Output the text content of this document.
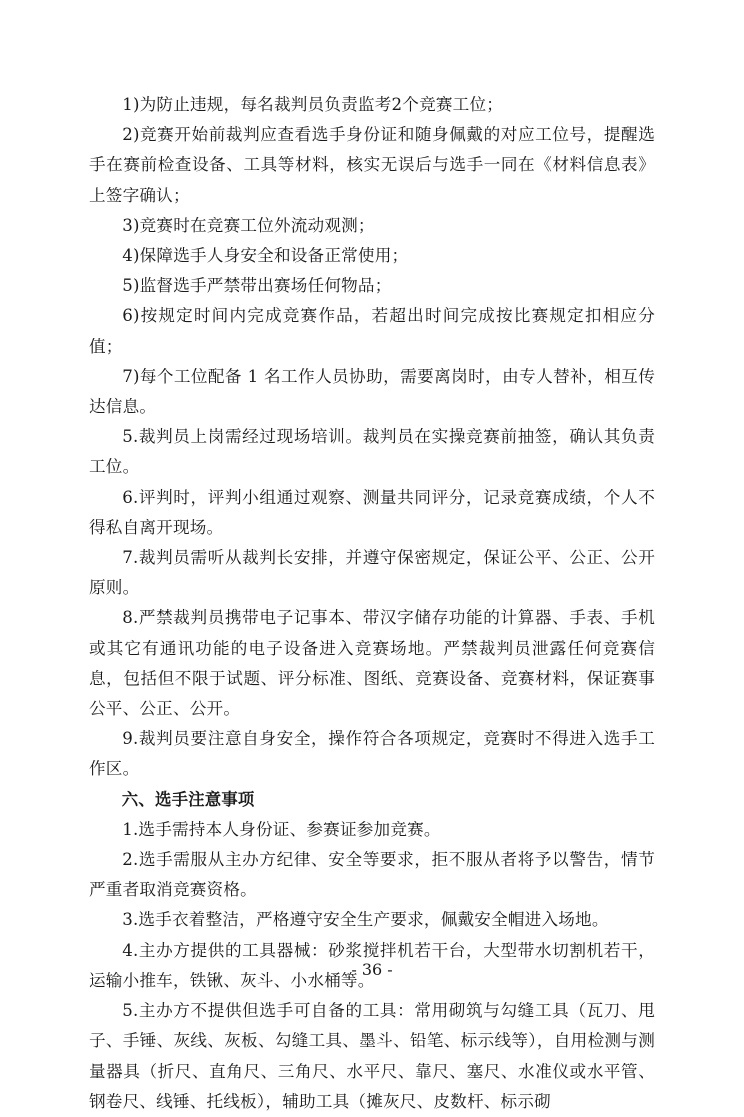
1)为防止违规，每名裁判员负责监考2个竞赛工位；

2)竞赛开始前裁判应查看选手身份证和随身佩戴的对应工位号，提醒选手在赛前检查设备、工具等材料，核实无误后与选手一同在《材料信息表》上签字确认；

3)竞赛时在竞赛工位外流动观测；

4)保障选手人身安全和设备正常使用；

5)监督选手严禁带出赛场任何物品；

6)按规定时间内完成竞赛作品，若超出时间完成按比赛规定扣相应分值；

7)每个工位配备 1 名工作人员协助，需要离岗时，由专人替补，相互传达信息。

5.裁判员上岗需经过现场培训。裁判员在实操竞赛前抽签，确认其负责工位。

6.评判时，评判小组通过观察、测量共同评分，记录竞赛成绩，个人不得私自离开现场。

7.裁判员需听从裁判长安排，并遵守保密规定，保证公平、公正、公开原则。

8.严禁裁判员携带电子记事本、带汉字储存功能的计算器、手表、手机或其它有通讯功能的电子设备进入竞赛场地。严禁裁判员泄露任何竞赛信息，包括但不限于试题、评分标准、图纸、竞赛设备、竞赛材料，保证赛事公平、公正、公开。

9.裁判员要注意自身安全，操作符合各项规定，竞赛时不得进入选手工作区。

六、选手注意事项

1.选手需持本人身份证、参赛证参加竞赛。

2.选手需服从主办方纪律、安全等要求，拒不服从者将予以警告，情节严重者取消竞赛资格。

3.选手衣着整洁，严格遵守安全生产要求，佩戴安全帽进入场地。

4.主办方提供的工具器械：砂浆搅拌机若干台，大型带水切割机若干，运输小推车，铁锹、灰斗、小水桶等。

5.主办方不提供但选手可自备的工具：常用砌筑与勾缝工具（瓦刀、甩子、手锤、灰线、灰板、勾缝工具、墨斗、铅笔、标示线等），自用检测与测量器具（折尺、直角尺、三角尺、水平尺、靠尺、塞尺、水准仪或水平管、钢卷尺、线锤、托线板），辅助工具（摊灰尺、皮数杆、标示砌

- 36 -
